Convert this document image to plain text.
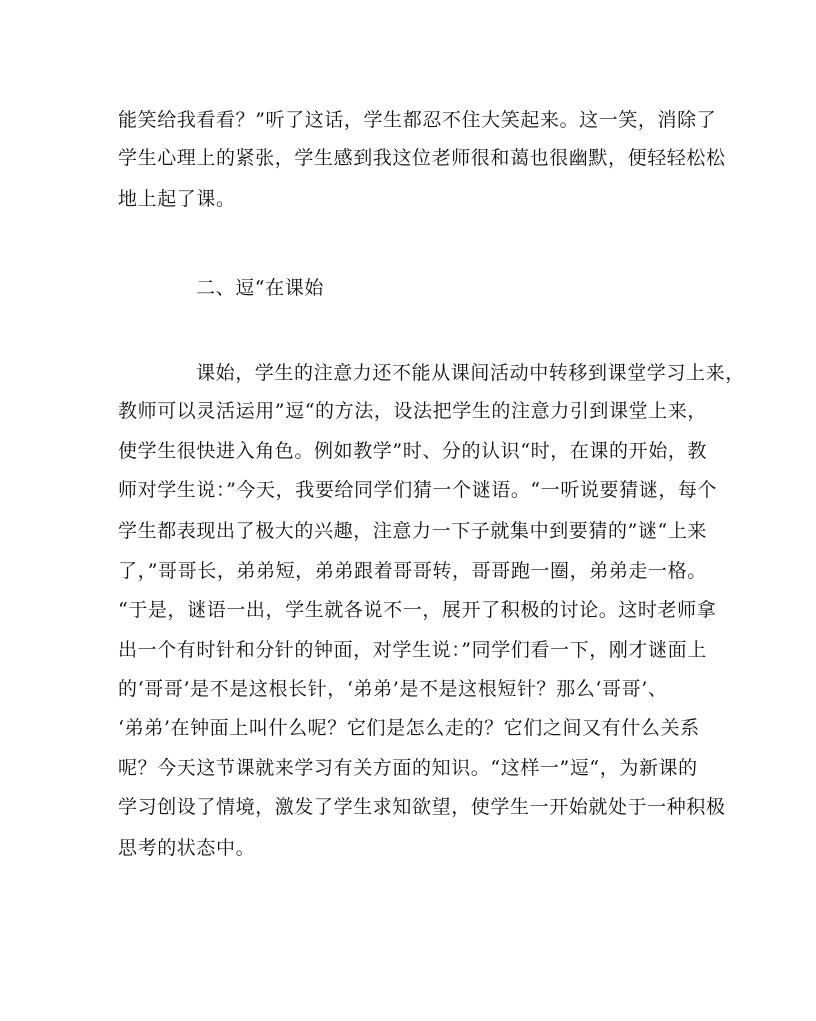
能笑给我看看？”听了这话，学生都忍不住大笑起来。这一笑，消除了
学生心理上的紧张，学生感到我这位老师很和蔼也很幽默，便轻轻松松
地上起了课。
二、逗“在课始
课始，学生的注意力还不能从课间活动中转移到课堂学习上来，
教师可以灵活运用”逗“的方法，设法把学生的注意力引到课堂上来，
使学生很快进入角色。例如教学”时、分的认识“时，在课的开始，教
师对学生说：”今天，我要给同学们猜一个谜语。“一听说要猜谜，每个
学生都表现出了极大的兴趣，注意力一下子就集中到要猜的”谜“上来
了，”哥哥长，弟弟短，弟弟跟着哥哥转，哥哥跑一圈，弟弟走一格。
“于是，谜语一出，学生就各说不一，展开了积极的讨论。这时老师拿
出一个有时针和分针的钟面，对学生说：”同学们看一下，刚才谜面上
的‘哥哥’是不是这根长针，‘弟弟’是不是这根短针？那么‘哥哥’、
‘弟弟’在钟面上叫什么呢？它们是怎么走的？它们之间又有什么关系
呢？今天这节课就来学习有关方面的知识。“这样一”逗“，为新课的
学习创设了情境，激发了学生求知欲望，使学生一开始就处于一种积极
思考的状态中。
